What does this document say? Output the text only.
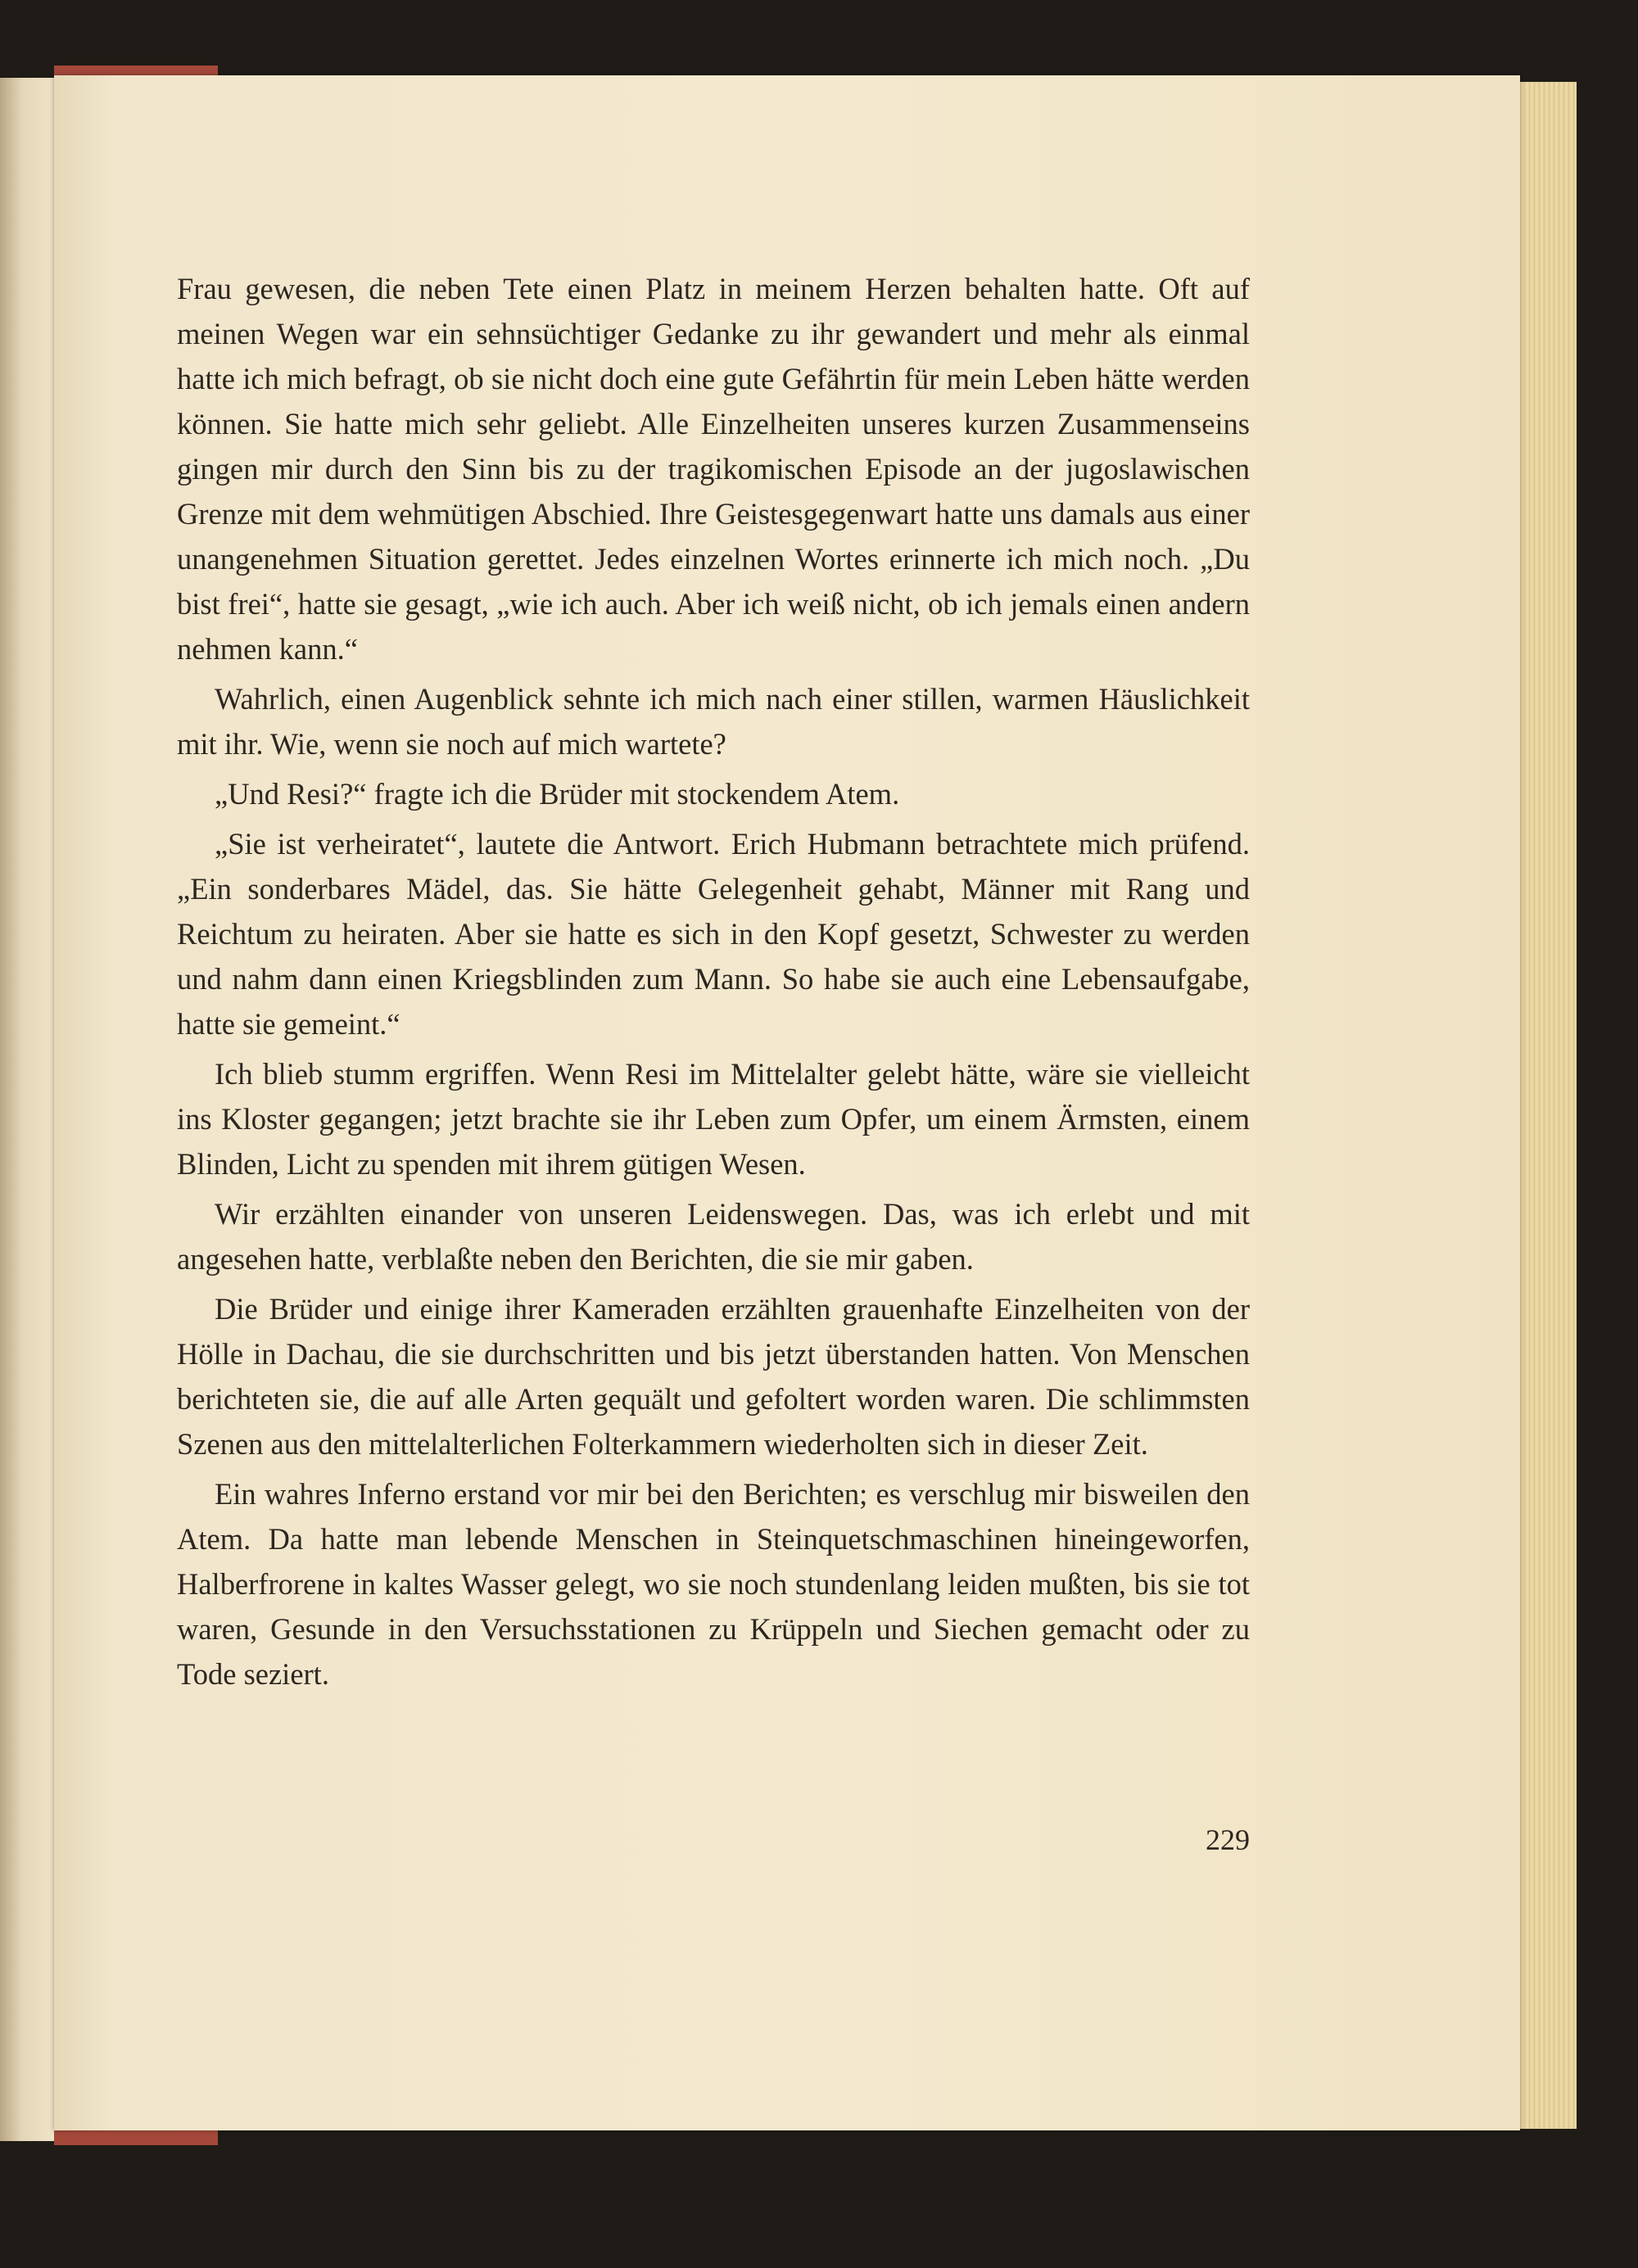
Frau gewesen, die neben Tete einen Platz in meinem Herzen behalten hatte. Oft auf meinen Wegen war ein sehnsüchtiger Gedanke zu ihr gewandert und mehr als einmal hatte ich mich befragt, ob sie nicht doch eine gute Gefährtin für mein Leben hätte werden können. Sie hatte mich sehr geliebt. Alle Einzelheiten unseres kurzen Zusammenseins gingen mir durch den Sinn bis zu der tragikomischen Episode an der jugoslawischen Grenze mit dem wehmütigen Abschied. Ihre Geistesgegenwart hatte uns damals aus einer unangenehmen Situation gerettet. Jedes einzelnen Wortes erinnerte ich mich noch. „Du bist frei“, hatte sie gesagt, „wie ich auch. Aber ich weiß nicht, ob ich jemals einen andern nehmen kann.“

Wahrlich, einen Augenblick sehnte ich mich nach einer stillen, warmen Häuslichkeit mit ihr. Wie, wenn sie noch auf mich wartete?

„Und Resi?“ fragte ich die Brüder mit stockendem Atem.

„Sie ist verheiratet“, lautete die Antwort. Erich Hubmann betrachtete mich prüfend. „Ein sonderbares Mädel, das. Sie hätte Gelegenheit gehabt, Männer mit Rang und Reichtum zu heiraten. Aber sie hatte es sich in den Kopf gesetzt, Schwester zu werden und nahm dann einen Kriegsblinden zum Mann. So habe sie auch eine Lebensaufgabe, hatte sie gemeint.“

Ich blieb stumm ergriffen. Wenn Resi im Mittelalter gelebt hätte, wäre sie vielleicht ins Kloster gegangen; jetzt brachte sie ihr Leben zum Opfer, um einem Ärmsten, einem Blinden, Licht zu spenden mit ihrem gütigen Wesen.

Wir erzählten einander von unseren Leidenswegen. Das, was ich erlebt und mit angesehen hatte, verblaßte neben den Berichten, die sie mir gaben.

Die Brüder und einige ihrer Kameraden erzählten grauenhafte Einzelheiten von der Hölle in Dachau, die sie durchschritten und bis jetzt überstanden hatten. Von Menschen berichteten sie, die auf alle Arten gequält und gefoltert worden waren. Die schlimmsten Szenen aus den mittelalterlichen Folterkammern wiederholten sich in dieser Zeit.

Ein wahres Inferno erstand vor mir bei den Berichten; es verschlug mir bisweilen den Atem. Da hatte man lebende Menschen in Steinquetschmaschinen hineingeworfen, Halberfrorene in kaltes Wasser gelegt, wo sie noch stundenlang leiden mußten, bis sie tot waren, Gesunde in den Versuchsstationen zu Krüppeln und Siechen gemacht oder zu Tode seziert.

229
